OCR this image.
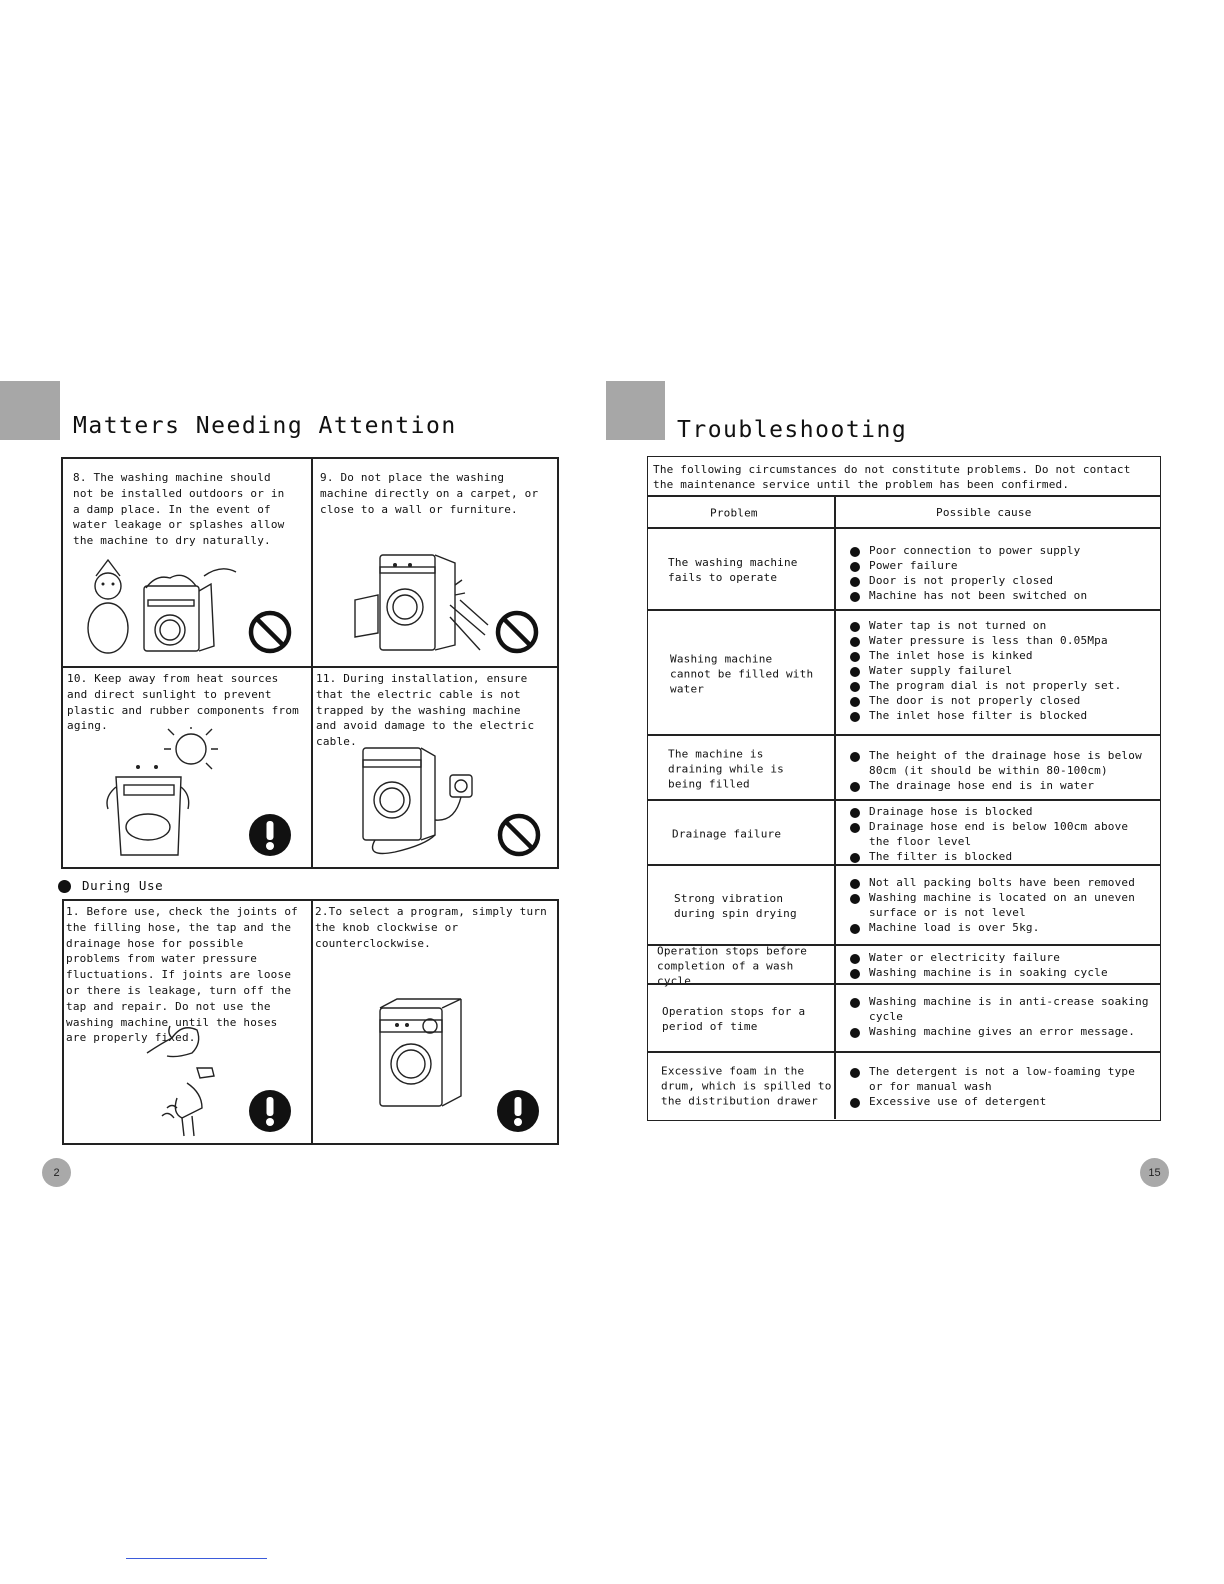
Matters Needing Attention
8. The washing machine should not be installed outdoors or in a damp place. In the event of water leakage or splashes allow the machine to dry naturally.
9. Do not place the washing machine directly on a carpet, or close to a wall or furniture.
10. Keep away from heat sources and direct sunlight to prevent plastic and rubber components from aging.
11. During installation, ensure that the electric cable is not trapped by the washing machine and avoid damage to the electric cable.
During Use
1. Before use, check the joints of the filling hose, the tap and the drainage hose for possible problems from water pressure fluctuations. If joints are loose or there is leakage, turn off the tap and repair. Do not use the washing machine until the hoses are properly fixed.
2.To select a program, simply turn the knob clockwise or counterclockwise.
2
Troubleshooting
The following circumstances do not constitute problems. Do not contact the maintenance service until the problem has been confirmed.
Problem	Possible cause
The washing machine
fails to operate
Poor connection to power supply
Power failure
Door is not properly closed
Machine has not been switched on
Washing machine
cannot be filled with
water
Water tap is not turned on
Water pressure is less than 0.05Mpa
The inlet hose is kinked
Water supply failurel
The program dial is not properly set.
The door is not properly closed
The inlet hose filter is blocked
The machine is
draining while is
being filled
The height of the drainage hose is below 80cm (it should be within 80-100cm)
The drainage hose end is in water
Drainage failure
Drainage hose is blocked
Drainage hose end is below 100cm above the floor level
The filter is blocked
Strong vibration
during spin drying
Not all packing bolts have been removed
Washing machine is located on an uneven surface or is not level
Machine load is over 5kg.
Operation stops before
completion of a wash cycle
Water or electricity failure
Washing machine is in soaking cycle
Operation stops for a
period of time
Washing machine is in anti-crease soaking cycle
Washing machine gives an error message.
Excessive foam in the
drum, which is spilled to
the distribution drawer
The detergent is not a low-foaming type or for manual wash
Excessive use of detergent
15
